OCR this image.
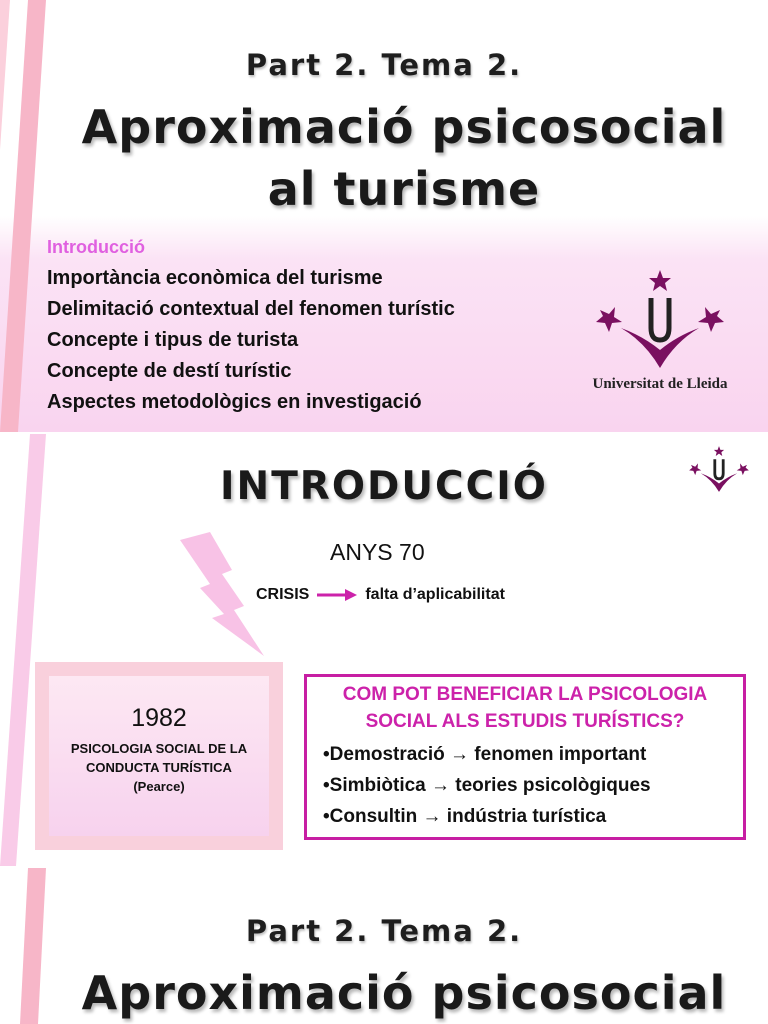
Part 2. Tema 2.
Aproximació psicosocial
al turisme
Introducció
Importància econòmica del turisme
Delimitació contextual del fenomen turístic
Concepte i tipus de turista
Concepte de destí turístic
Aspectes metodològics en investigació
Universitat de Lleida
INTRODUCCIÓ
ANYS 70
CRISIS	falta d’aplicabilitat
1982
PSICOLOGIA SOCIAL DE LA
CONDUCTA TURÍSTICA
(Pearce)
COM POT BENEFICIAR LA PSICOLOGIA
SOCIAL ALS ESTUDIS TURÍSTICS?
•Demostració → fenomen important
•Simbiòtica → teories psicològiques
•Consultin → indústria turística
Part 2. Tema 2.
Aproximació psicosocial
